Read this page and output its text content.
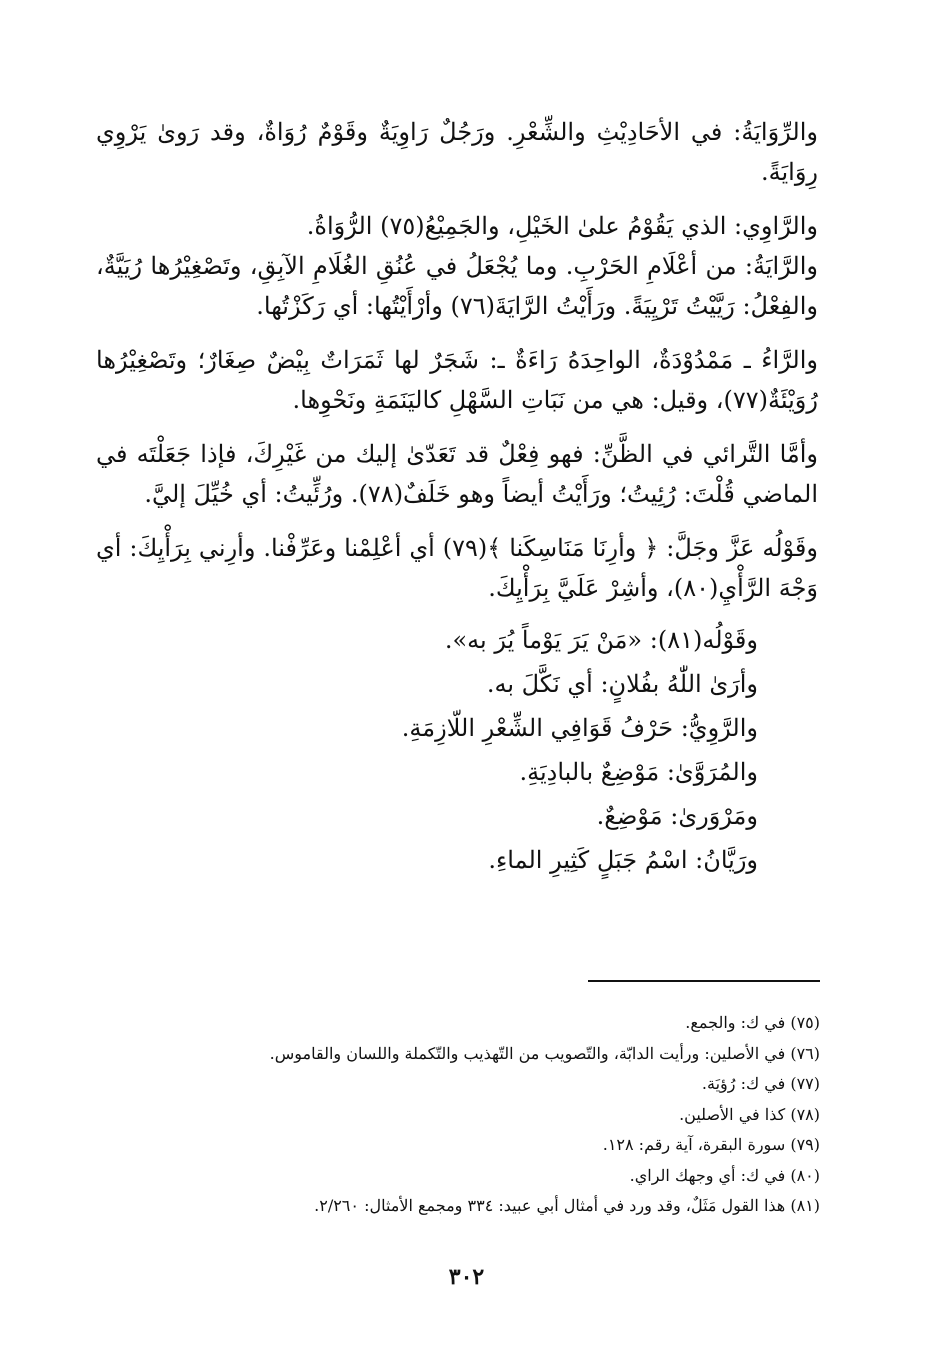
والرِّوَايَةُ: في الأحَادِيْثِ والشِّعْرِ. ورَجُلٌ رَاوِيَةٌ وقَوْمٌ رُوَاةٌ، وقد رَوىٰ يَرْوِي رِوَايَةً.

والرَّاوِي: الذي يَقُوْمُ علىٰ الخَيْلِ، والجَمِيْعُ(٧٥) الرُّوَاةُ.

والرَّايَةُ: من أعْلَامِ الحَرْبِ. وما يُجْعَلُ في عُنُقِ الغُلَامِ الآبِقِ، وتَصْغِيْرُها رُيَيَّةٌ، والفِعْلُ: رَيَّيْتُ تَرْيِيَةً. ورَأَيْتُ الرَّايَةَ(٧٦) وأرْأَيْتُها: أي رَكَزْتُها.

والرَّاءُ ـ مَمْدُوْدَةٌ، الواحِدَهُ رَاءَةٌ ـ: شَجَرٌ لها ثَمَرَاتٌ بِيْضٌ صِغَارٌ؛ وتَصْغِيْرُها رُوَيْئَةٌ(٧٧)، وقيل: هي من نَبَاتِ السَّهْلِ كاليَنَمَةِ ونَحْوِها.

وأمَّا التَّرائي في الظَّنِّ: فهو فِعْلٌ قد تَعَدّىٰ إليك من غَيْرِكَ، فإذا جَعَلْتَه في الماضي قُلْتَ: رُئِيتُ؛ ورَأَيْتُ أيضاً وهو خَلَفٌ(٧٨). ورُئِّيتُ: أي خُيِّلَ إليَّ.

وقَوْلُه عَزَّ وجَلَّ: ﴿ وأرِنَا مَنَاسِكَنا ﴾(٧٩) أي أعْلِمْنا وعَرِّفْنا. وأرِني بِرَأْيِكَ: أي وَجْهَ الرَّأْيِ(٨٠)، وأشِرْ عَلَيَّ بِرَأْيِكَ.

وقَوْلُه(٨١): «مَنْ يَرَ يَوْماً يُرَ به».

وأرَىٰ اللّٰهُ بفُلانٍ: أي نَكَّلَ به.

والرَّوِيُّ: حَرْفُ قَوَافِي الشِّعْرِ اللّازِمَةِ.

والمُرَوَّىٰ: مَوْضِعٌ بالبادِيَةِ.

ومَرْوَرىٰ: مَوْضِعٌ.

ورَيَّانُ: اسْمُ جَبَلٍ كَثِيرِ الماءِ.

(٧٥) في ك: والجمع.

(٧٦) في الأصلين: ورأيت الدابّة، والتّصويب من التّهذيب والتّكملة واللسان والقاموس.

(٧٧) في ك: رُؤيَة.

(٧٨) كذا في الأصلين.

(٧٩) سورة البقرة، آية رقم: ١٢٨.

(٨٠) في ك: أي وجهك الراي.

(٨١) هذا القول مَثَلٌ، وقد ورد في أمثال أبي عبيد: ٣٣٤ ومجمع الأمثال: ٢/٢٦٠.

٣٠٢
